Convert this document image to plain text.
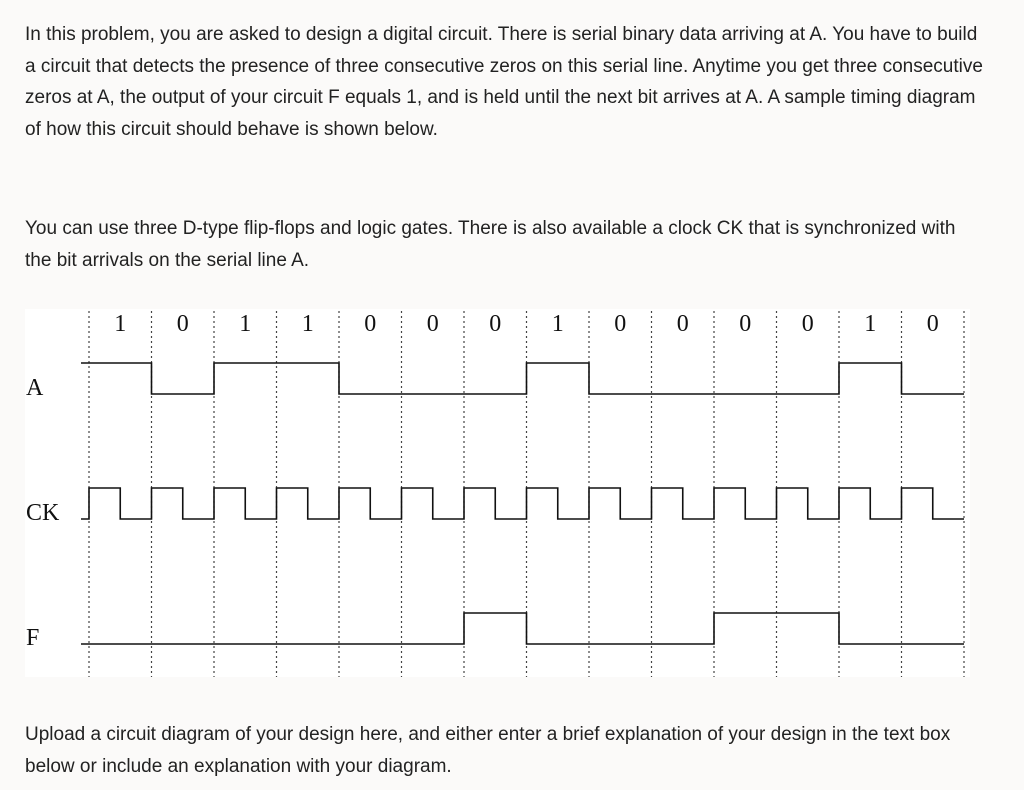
In this problem, you are asked to design a digital circuit. There is serial binary data arriving at A. You have to build a circuit that detects the presence of three consecutive zeros on this serial line. Anytime you get three consecutive zeros at A, the output of your circuit F equals 1, and is held until the next bit arrives at A. A sample timing diagram of how this circuit should behave is shown below.

You can use three D-type flip-flops and logic gates. There is also available a clock CK that is synchronized with the bit arrivals on the serial line A.

1 0 1 1 0 0 0 1 0 0 0 0 1 0
A
CK
F

Upload a circuit diagram of your design here, and either enter a brief explanation of your design in the text box below or include an explanation with your diagram.
